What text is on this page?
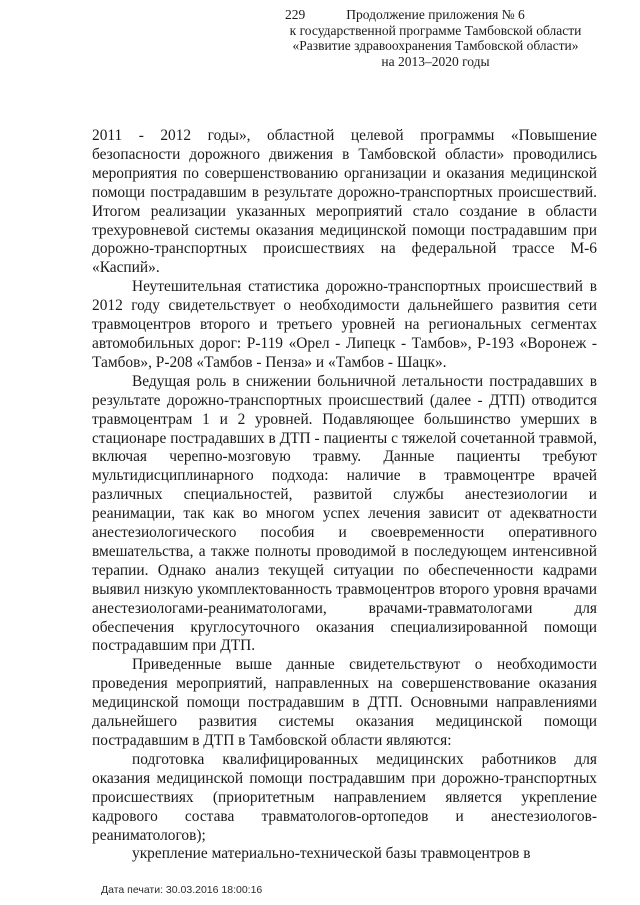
229	Продолжение приложения № 6
к государственной программе Тамбовской области
«Развитие здравоохранения Тамбовской области»
на 2013–2020 годы

2011 - 2012 годы», областной целевой программы «Повышение безопасности дорожного движения в Тамбовской области» проводились мероприятия по совершенствованию организации и оказания медицинской помощи пострадавшим в результате дорожно-транспортных происшествий. Итогом реализации указанных мероприятий стало создание в области трехуровневой системы оказания медицинской помощи пострадавшим при дорожно-транспортных происшествиях на федеральной трассе М-6 «Каспий».

Неутешительная статистика дорожно-транспортных происшествий в 2012 году свидетельствует о необходимости дальнейшего развития сети травмоцентров второго и третьего уровней на региональных сегментах автомобильных дорог: Р-119 «Орел - Липецк - Тамбов», Р-193 «Воронеж - Тамбов», Р-208 «Тамбов - Пенза» и «Тамбов - Шацк».

Ведущая роль в снижении больничной летальности пострадавших в результате дорожно-транспортных происшествий (далее - ДТП) отводится травмоцентрам 1 и 2 уровней. Подавляющее большинство умерших в стационаре пострадавших в ДТП - пациенты с тяжелой сочетанной травмой, включая черепно-мозговую травму. Данные пациенты требуют мультидисциплинарного подхода: наличие в травмоцентре врачей различных специальностей, развитой службы анестезиологии и реанимации, так как во многом успех лечения зависит от адекватности анестезиологического пособия и своевременности оперативного вмешательства, а также полноты проводимой в последующем интенсивной терапии. Однако анализ текущей ситуации по обеспеченности кадрами выявил низкую укомплектованность травмоцентров второго уровня врачами анестезиологами-реаниматологами, врачами-травматологами для обеспечения круглосуточного оказания специализированной помощи пострадавшим при ДТП.

Приведенные выше данные свидетельствуют о необходимости проведения мероприятий, направленных на совершенствование оказания медицинской помощи пострадавшим в ДТП. Основными направлениями дальнейшего развития системы оказания медицинской помощи пострадавшим в ДТП в Тамбовской области являются:

подготовка квалифицированных медицинских работников для оказания медицинской помощи пострадавшим при дорожно-транспортных происшествиях (приоритетным направлением является укрепление кадрового состава травматологов-ортопедов и анестезиологов-реаниматологов);

укрепление материально-технической базы травмоцентров в

Дата печати: 30.03.2016 18:00:16
